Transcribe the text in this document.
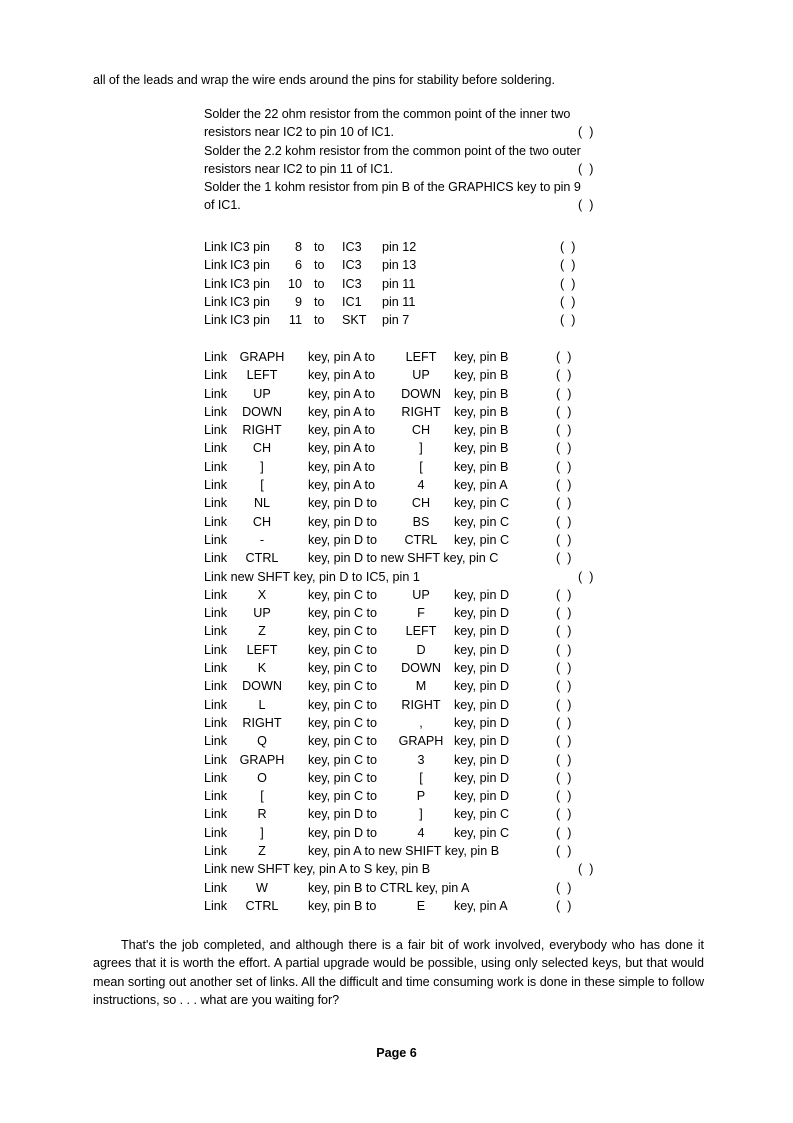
all of the leads and wrap the wire ends around the pins for stability before soldering.
Solder the 22 ohm resistor from the common point of the inner two
resistors near IC2 to pin 10 of IC1.	(  )
Solder the 2.2 kohm resistor from the common point of the two outer
resistors near IC2 to pin 11 of IC1.	(  )
Solder the 1 kohm resistor from pin B of the GRAPHICS key to pin 9
of IC1.	(  )
Link IC3 pin	8 to	IC3	pin 12	(  )
Link IC3 pin	6 to	IC3	pin 13	(  )
Link IC3 pin	10 to	IC3	pin 11	(  )
Link IC3 pin	9 to	IC1	pin 11	(  )
Link IC3 pin	11 to	SKT	pin 7	(  )
Link GRAPH	key, pin A to	LEFT	key, pin B	(  )
Link	LEFT	key, pin A to	UP	key, pin B	(  )
Link	UP	key, pin A to	DOWN	key, pin B	(  )
Link	DOWN	key, pin A to	RIGHT	key, pin B	(  )
Link	RIGHT	key, pin A to	CH	key, pin B	(  )
Link	CH	key, pin A to	]	key, pin B	(  )
Link	]	key, pin A to	[	key, pin B	(  )
Link	[	key, pin A to	4	key, pin A	(  )
Link	NL	key, pin D to	CH	key, pin C	(  )
Link	CH	key, pin D to	BS	key, pin C	(  )
Link	-	key, pin D to	CTRL	key, pin C	(  )
Link	CTRL	key, pin D to new SHFT key, pin C	(  )
Link new SHFT key, pin D to IC5, pin 1	(  )
Link	X	key, pin C to	UP	key, pin D	(  )
Link	UP	key, pin C to	F	key, pin D	(  )
Link	Z	key, pin C to	LEFT	key, pin D	(  )
Link	LEFT	key, pin C to	D	key, pin D	(  )
Link	K	key, pin C to	DOWN	key, pin D	(  )
Link	DOWN	key, pin C to	M	key, pin D	(  )
Link	L	key, pin C to	RIGHT	key, pin D	(  )
Link	RIGHT	key, pin C to	,	key, pin D	(  )
Link	Q	key, pin C to	GRAPH key, pin D	(  )
Link GRAPH	key, pin C to	3	key, pin D	(  )
Link	O	key, pin C to	[	key, pin D	(  )
Link	[	key, pin C to	P	key, pin D	(  )
Link	R	key, pin D to	]	key, pin C	(  )
Link	]	key, pin D to	4	key, pin C	(  )
Link	Z	key, pin A to new SHIFT key, pin B	(  )
Link new SHFT key, pin A to S key, pin B	(  )
Link	W	key, pin B to CTRL key, pin A	(  )
Link	CTRL	key, pin B to	E	key, pin A	(  )
That's the job completed, and although there is a fair bit of work involved, everybody who has done it agrees that it is worth the effort. A partial upgrade would be possible, using only selected keys, but that would mean sorting out another set of links. All the difficult and time consuming work is done in these simple to follow instructions, so . . . what are you waiting for?
Page 6
